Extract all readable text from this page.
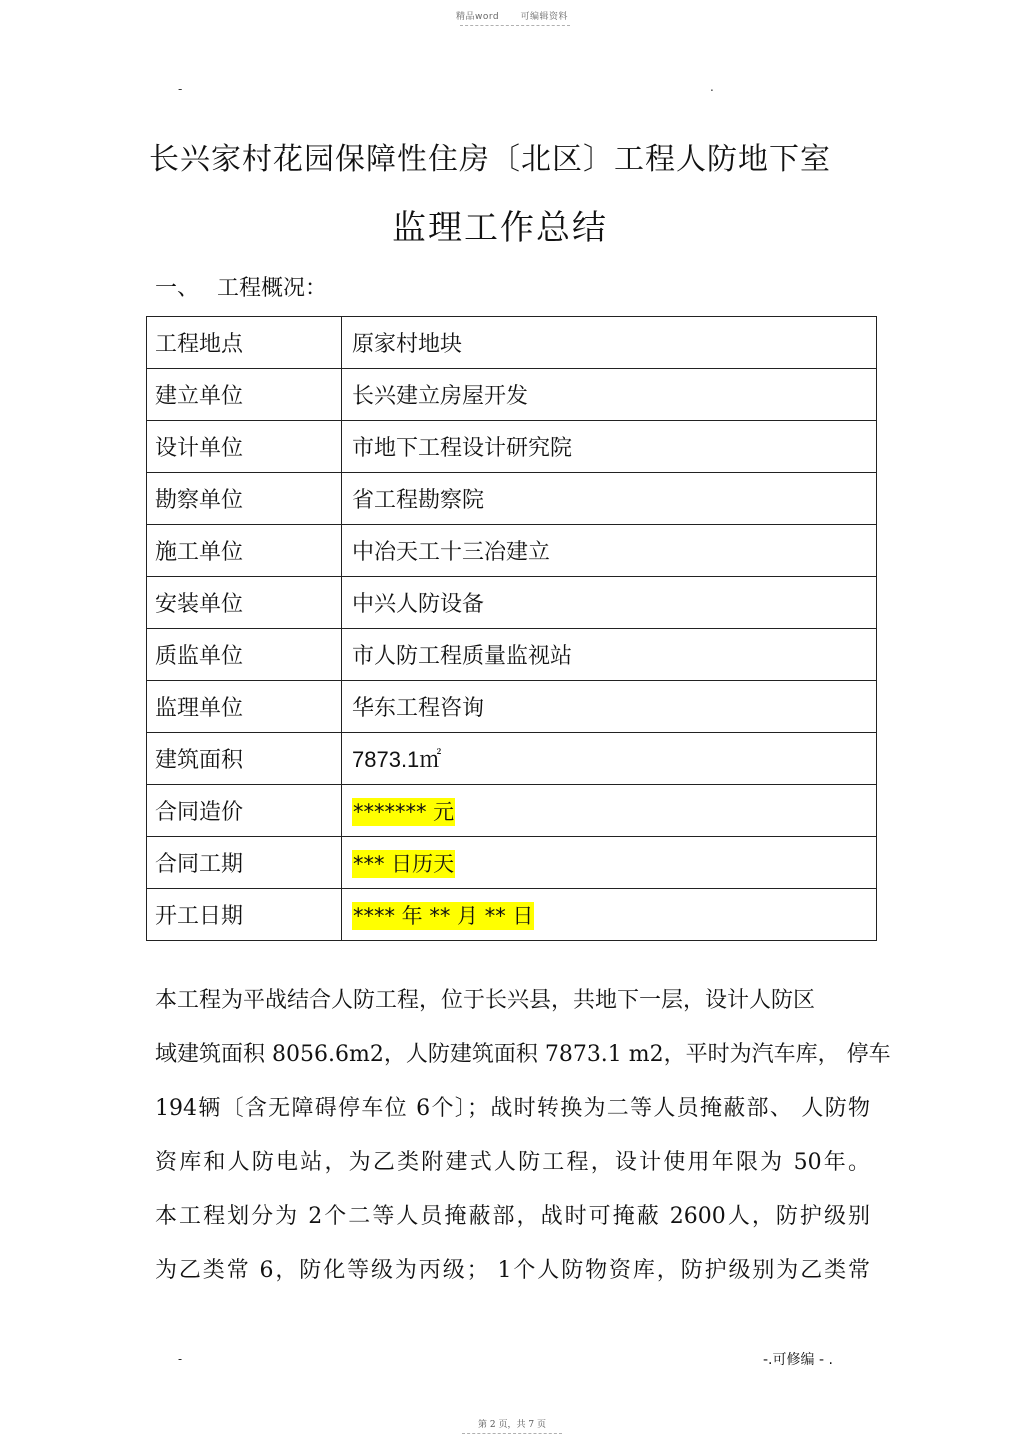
精品word 可编辑资料
-	.
长兴家村花园保障性住房〔北区〕工程人防地下室
监理工作总结
一、 工程概况：
工程地点	原家村地块
建立单位	长兴建立房屋开发
设计单位	市地下工程设计研究院
勘察单位	省工程勘察院
施工单位	中冶天工十三冶建立
安装单位	中兴人防设备
质监单位	市人防工程质量监视站
监理单位	华东工程咨询
建筑面积	7873.1㎡
合同造价	******* 元
合同工期	*** 日历天
开工日期	**** 年 ** 月 ** 日
本工程为平战结合人防工程，位于长兴县，共地下一层，设计人防区
域建筑面积 8056.6m2，人防建筑面积 7873.1 m2，平时为汽车库， 停车
194辆〔含无障碍停车位 6个〕；战时转换为二等人员掩蔽部、 人防物
资库和人防电站，为乙类附建式人防工程，设计使用年限为 50年。
本工程划分为 2个二等人员掩蔽部，战时可掩蔽 2600人，防护级别
为乙类常 6，防化等级为丙级； 1个人防物资库，防护级别为乙类常
-	-.可修编 - .
第 2 页，共 7 页
